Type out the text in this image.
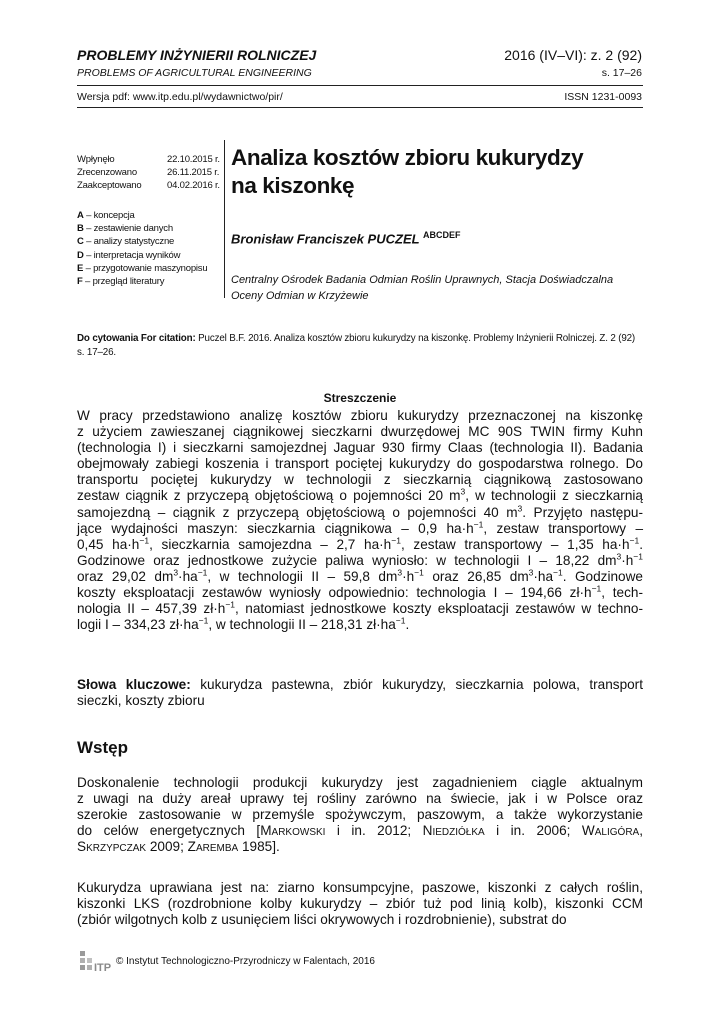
PROBLEMY INŻYNIERII ROLNICZEJ
PROBLEMS OF AGRICULTURAL ENGINEERING
2016 (IV–VI): z. 2 (92)
s. 17–26
Wersja pdf: www.itp.edu.pl/wydawnictwo/pir/	ISSN 1231-0093
Wpłynęło	22.10.2015 r.
Zrecenzowano	26.11.2015 r.
Zaakceptowano	04.02.2016 r.
A – koncepcja
B – zestawienie danych
C – analizy statystyczne
D – interpretacja wyników
E – przygotowanie maszynopisu
F – przegląd literatury
Analiza kosztów zbioru kukurydzy
na kiszonkę
Bronisław Franciszek PUCZEL $^{ABCDEF}$
Centralny Ośrodek Badania Odmian Roślin Uprawnych, Stacja Doświadczalna Oceny Odmian w Krzyżewie
Do cytowania For citation: Puczel B.F. 2016. Analiza kosztów zbioru kukurydzy na kiszonkę. Problemy Inżynierii Rolniczej. Z. 2 (92) s. 17–26.
Streszczenie
W pracy przedstawiono analizę kosztów zbioru kukurydzy przeznaczonej na kiszonkę
z użyciem zawieszanej ciągnikowej sieczkarni dwurzędowej MC 90S TWIN firmy Kuhn
(technologia I) i sieczkarni samojezdnej Jaguar 930 firmy Claas (technologia II). Badania
obejmowały zabiegi koszenia i transport pociętej kukurydzy do gospodarstwa rolnego. Do
transportu pociętej kukurydzy w technologii z sieczkarnią ciągnikową zastosowano
zestaw ciągnik z przyczepą objętościową o pojemności 20 $m^3$, w technologii z sieczkarnią
samojezdną – ciągnik z przyczepą objętościową o pojemności 40 $m^3$. Przyjęto następu-
jące wydajności maszyn: sieczkarnia ciągnikowa – 0,9 $ha\cdot h^{-1}$, zestaw transportowy –
0,45 $ha\cdot h^{-1}$, sieczkarnia samojezdna – 2,7 $ha\cdot h^{-1}$, zestaw transportowy – 1,35 $ha\cdot h^{-1}$.
Godzinowe oraz jednostkowe zużycie paliwa wyniosło: w technologii I – 18,22 $dm^3\cdot h^{-1}$
oraz 29,02 $dm^3\cdot ha^{-1}$, w technologii II – 59,8 $dm^3\cdot h^{-1}$ oraz 26,85 $dm^3\cdot ha^{-1}$. Godzinowe
koszty eksploatacji zestawów wyniosły odpowiednio: technologia I – 194,66 $zł\cdot h^{-1}$, tech-
nologia II – 457,39 $zł\cdot h^{-1}$, natomiast jednostkowe koszty eksploatacji zestawów w techno-
logii I – 334,23 $zł\cdot ha^{-1}$, w technologii II – 218,31 $zł\cdot ha^{-1}$.
Słowa kluczowe: kukurydza pastewna, zbiór kukurydzy, sieczkarnia polowa, transport
sieczki, koszty zbioru
Wstęp
Doskonalenie technologii produkcji kukurydzy jest zagadnieniem ciągle aktualnym
z uwagi na duży areał uprawy tej rośliny zarówno na świecie, jak i w Polsce oraz
szerokie zastosowanie w przemyśle spożywczym, paszowym, a także wykorzystanie
do celów energetycznych [Markowski i in. 2012; Niedziółka i in. 2006; Waligóra,
Skrzypczak 2009; Zaremba 1985].
Kukurydza uprawiana jest na: ziarno konsumpcyjne, paszowe, kiszonki z całych roślin,
kiszonki LKS (rozdrobnione kolby kukurydzy – zbiór tuż pod linią kolb), kiszonki CCM
(zbiór wilgotnych kolb z usunięciem liści okrywowych i rozdrobnienie), substrat do
ITP
© Instytut Technologiczno-Przyrodniczy w Falentach, 2016
